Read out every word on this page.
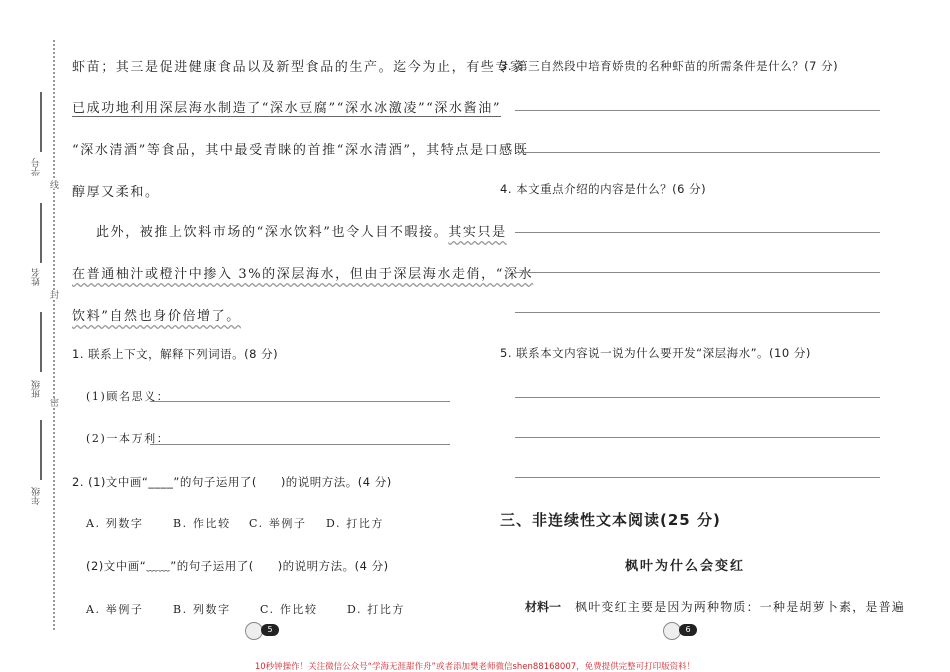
学号
姓名
班级
年级
线
封
密
虾苗；其三是促进健康食品以及新型食品的生产。迄今为止，有些专家
已成功地利用深层海水制造了“深水豆腐”“深水冰激凌”“深水酱油”
“深水清酒”等食品，其中最受青睐的首推“深水清酒”，其特点是口感既
醇厚又柔和。
此外，被推上饮料市场的“深水饮料”也令人目不暇接。其实只是
在普通柚汁或橙汁中掺入 3%的深层海水，但由于深层海水走俏，“深水
饮料”自然也身价倍增了。
1. 联系上下文，解释下列词语。(8 分)
(1)顾名思义：
(2)一本万利：
2. (1)文中画“____”的句子运用了(　　)的说明方法。(4 分)
A. 列数字	B. 作比较 C. 举例子 D. 打比方
(2)文中画“﹏﹏”的句子运用了(　　)的说明方法。(4 分)
A. 举例子	B. 列数字	C. 作比较	D. 打比方
5
3. 第三自然段中培育娇贵的名种虾苗的所需条件是什么？(7 分)
4. 本文重点介绍的内容是什么？(6 分)
5. 联系本文内容说一说为什么要开发“深层海水”。(10 分)
三、非连续性文本阅读(25 分)
枫叶为什么会变红
材料一 枫叶变红主要是因为两种物质：一种是胡萝卜素，是普遍
6
10秒钟操作！关注微信公众号“学海无涯甜作舟”或者添加樊老师微信shen88168007，免费提供完整可打印版资料！
